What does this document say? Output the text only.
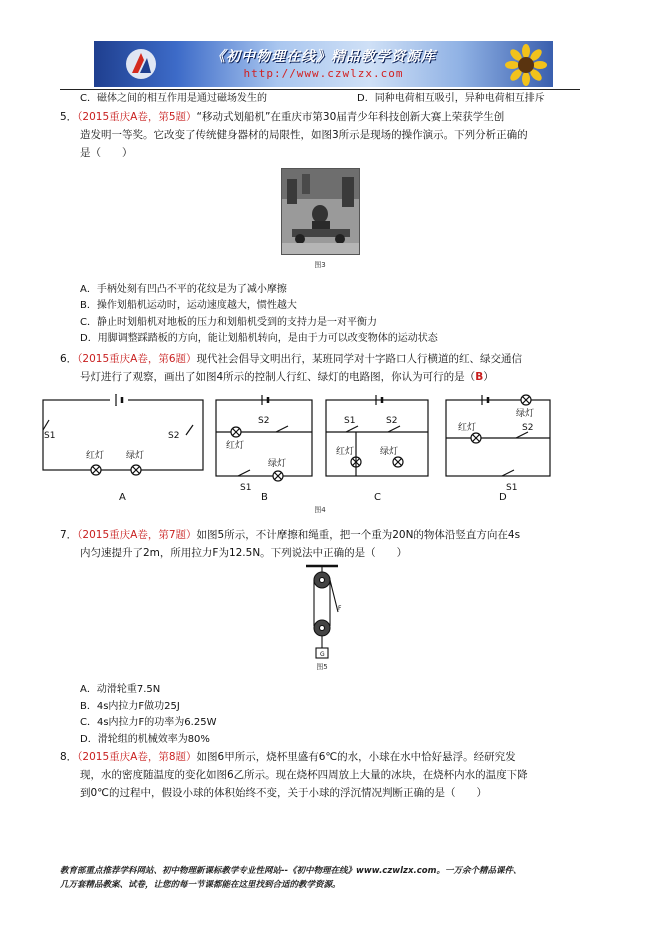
《初中物理在线》精品教学资源库
http://www.czwlzx.com
C．磁体之间的相互作用是通过磁场发生的	D．同种电荷相互吸引，异种电荷相互排斥
5．（2015重庆A卷，第5题）“移动式划船机”在重庆市第30届青少年科技创新大赛上荣获学生创
造发明一等奖。它改变了传统健身器材的局限性，如图3所示是现场的操作演示。下列分析正确的
是（　　）
图3
A．手柄处刻有凹凸不平的花纹是为了减小摩擦
B．操作划船机运动时，运动速度越大，惯性越大
C．静止时划船机对地板的压力和划船机受到的支持力是一对平衡力
D．用脚调整踩踏板的方向，能让划船机转向，是由于力可以改变物体的运动状态
6．（2015重庆A卷，第6题）现代社会倡导文明出行，某班同学对十字路口人行横道的红、绿交通信
号灯进行了观察，画出了如图4所示的控制人行红、绿灯的电路图，你认为可行的是（B）
S1	S2
红灯 绿灯
A
S2
红灯
绿灯
S1
B
S1	S2
红灯	绿灯
C
绿灯
红灯	S2
S1
D
图4
7．（2015重庆A卷，第7题）如图5所示，不计摩擦和绳重，把一个重为20N的物体沿竖直方向在4s
内匀速提升了2m，所用拉力F为12.5N。下列说法中正确的是（　　）
F
G
图5
A．动滑轮重7.5N
B．4s内拉力F做功25J
C．4s内拉力F的功率为6.25W
D．滑轮组的机械效率为80%
8．（2015重庆A卷，第8题）如图6甲所示，烧杯里盛有6℃的水，小球在水中恰好悬浮。经研究发
现，水的密度随温度的变化如图6乙所示。现在烧杯四周放上大量的冰块，在烧杯内水的温度下降
到0℃的过程中，假设小球的体积始终不变，关于小球的浮沉情况判断正确的是（　　）
教育部重点推荐学科网站、初中物理新课标教学专业性网站--《初中物理在线》www.czwlzx.com。一万余个精品课件、
几万套精品教案、试卷，让您的每一节课都能在这里找到合适的教学资源。
